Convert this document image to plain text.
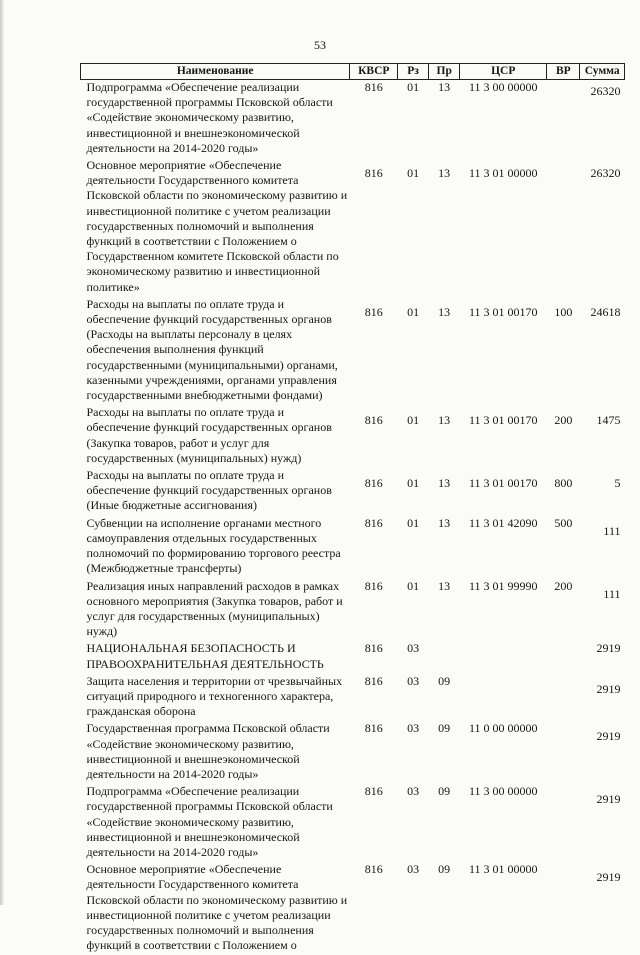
53
Наименование	КВСР	Рз	Пр	ЦСР	ВР	Сумма
Подпрограмма «Обеспечение реализации государственной программы Псковской области «Содействие экономическому развитию, инвестиционной и внешнеэкономической деятельности на 2014-2020 годы»	816	01	13	11 3 00 00000		26320
Основное мероприятие «Обеспечение деятельности Государственного комитета Псковской области по экономическому развитию и инвестиционной политике с учетом реализации государственных полномочий и выполнения функций в соответствии с Положением о Государственном комитете Псковской области по экономическому развитию и инвестиционной политике»	816	01	13	11 3 01 00000		26320
Расходы на выплаты по оплате труда и обеспечение функций государственных органов (Расходы на выплаты персоналу в целях обеспечения выполнения функций государственными (муниципальными) органами, казенными учреждениями, органами управления государственными внебюджетными фондами)	816	01	13	11 3 01 00170	100	24618
Расходы на выплаты по оплате труда и обеспечение функций государственных органов (Закупка товаров, работ и услуг для государственных (муниципальных) нужд)	816	01	13	11 3 01 00170	200	1475
Расходы на выплаты по оплате труда и обеспечение функций государственных органов (Иные бюджетные ассигнования)	816	01	13	11 3 01 00170	800	5
Субвенции на исполнение органами местного самоуправления отдельных государственных полномочий по формированию торгового реестра (Межбюджетные трансферты)	816	01	13	11 3 01 42090	500	111
Реализация иных направлений расходов в рамках основного мероприятия (Закупка товаров, работ и услуг для государственных (муниципальных) нужд)	816	01	13	11 3 01 99990	200	111
НАЦИОНАЛЬНАЯ БЕЗОПАСНОСТЬ И ПРАВООХРАНИТЕЛЬНАЯ ДЕЯТЕЛЬНОСТЬ	816	03				2919
Защита населения и территории от чрезвычайных ситуаций природного и техногенного характера, гражданская оборона	816	03	09			2919
Государственная программа Псковской области «Содействие экономическому развитию, инвестиционной и внешнеэкономической деятельности на 2014-2020 годы»	816	03	09	11 0 00 00000		2919
Подпрограмма «Обеспечение реализации государственной программы Псковской области «Содействие экономическому развитию, инвестиционной и внешнеэкономической деятельности на 2014-2020 годы»	816	03	09	11 3 00 00000		2919
Основное мероприятие «Обеспечение деятельности Государственного комитета Псковской области по экономическому развитию и инвестиционной политике с учетом реализации государственных полномочий и выполнения функций в соответствии с Положением о	816	03	09	11 3 01 00000		2919
